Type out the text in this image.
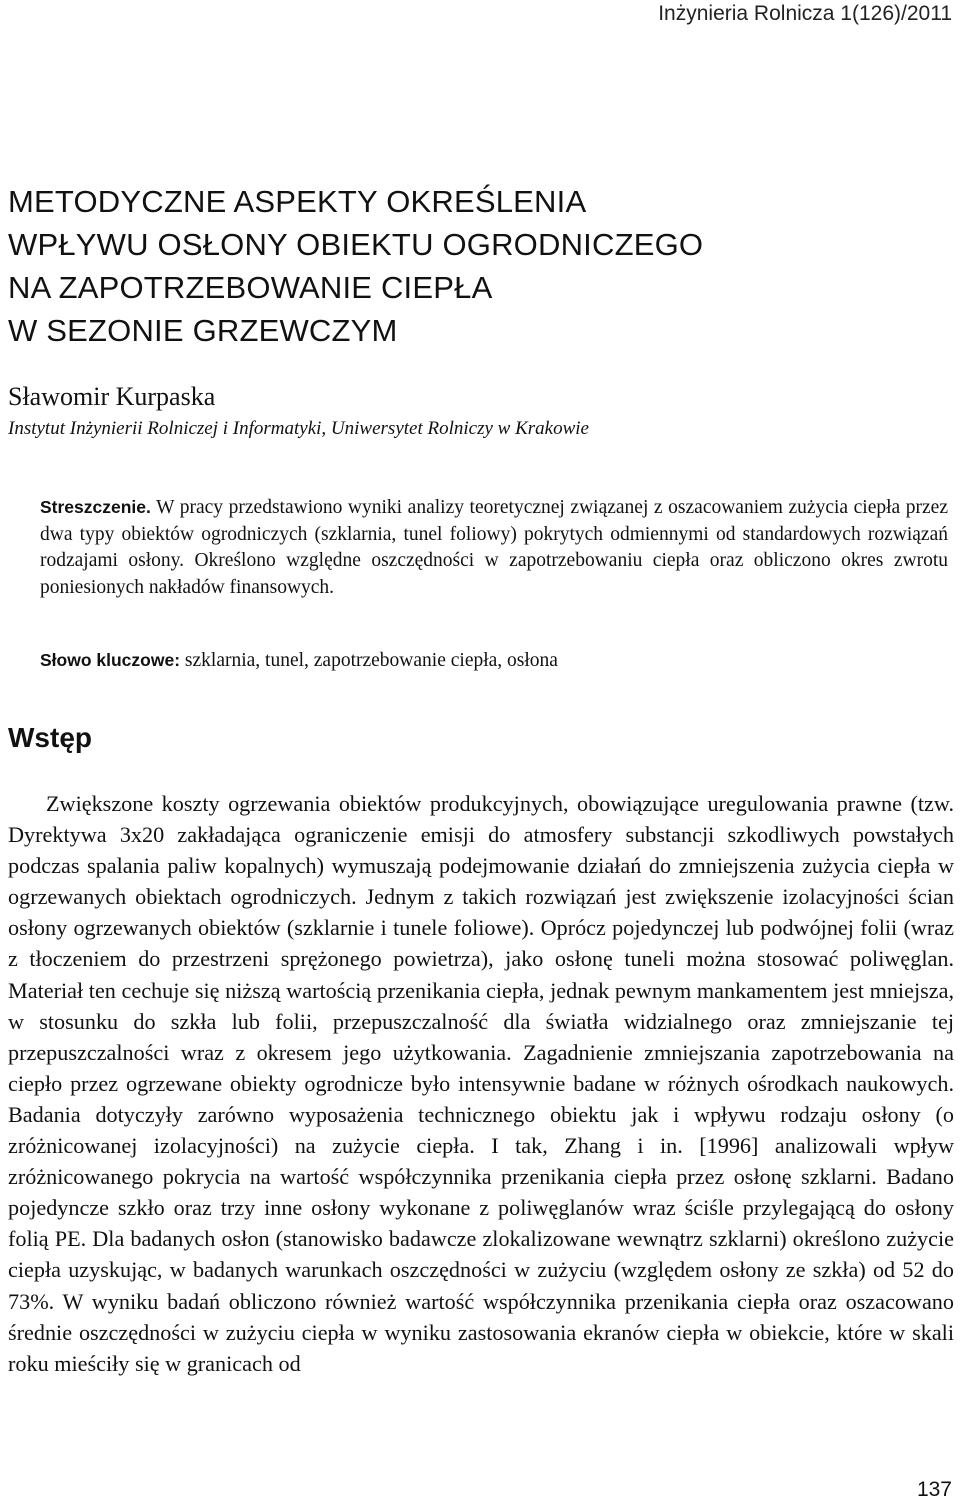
Inżynieria Rolnicza 1(126)/2011
METODYCZNE ASPEKTY OKREŚLENIA
WPŁYWU OSŁONY OBIEKTU OGRODNICZEGO
NA ZAPOTRZEBOWANIE CIEPŁA
W SEZONIE GRZEWCZYM
Sławomir Kurpaska
Instytut Inżynierii Rolniczej i Informatyki, Uniwersytet Rolniczy w Krakowie

Streszczenie. W pracy przedstawiono wyniki analizy teoretycznej związanej z oszacowaniem zużycia ciepła przez dwa typy obiektów ogrodniczych (szklarnia, tunel foliowy) pokrytych odmiennymi od standardowych rozwiązań rodzajami osłony. Określono względne oszczędności w zapotrzebowaniu ciepła oraz obliczono okres zwrotu poniesionych nakładów finansowych.

Słowo kluczowe: szklarnia, tunel, zapotrzebowanie ciepła, osłona

Wstęp

Zwiększone koszty ogrzewania obiektów produkcyjnych, obowiązujące uregulowania prawne (tzw. Dyrektywa 3x20 zakładająca ograniczenie emisji do atmosfery substancji szkodliwych powstałych podczas spalania paliw kopalnych) wymuszają podejmowanie działań do zmniejszenia zużycia ciepła w ogrzewanych obiektach ogrodniczych. Jednym z takich rozwiązań jest zwiększenie izolacyjności ścian osłony ogrzewanych obiektów (szklarnie i tunele foliowe). Oprócz pojedynczej lub podwójnej folii (wraz z tłoczeniem do przestrzeni sprężonego powietrza), jako osłonę tuneli można stosować poliwęglan. Materiał ten cechuje się niższą wartością przenikania ciepła, jednak pewnym mankamentem jest mniejsza, w stosunku do szkła lub folii, przepuszczalność dla światła widzialnego oraz zmniejszanie tej przepuszczalności wraz z okresem jego użytkowania. Zagadnienie zmniejszania zapotrzebowania na ciepło przez ogrzewane obiekty ogrodnicze było intensywnie badane w różnych ośrodkach naukowych. Badania dotyczyły zarówno wyposażenia technicznego obiektu jak i wpływu rodzaju osłony (o zróżnicowanej izolacyjności) na zużycie ciepła. I tak, Zhang i in. [1996] analizowali wpływ zróżnicowanego pokrycia na wartość współczynnika przenikania ciepła przez osłonę szklarni. Badano pojedyncze szkło oraz trzy inne osłony wykonane z poliwęglanów wraz ściśle przylegającą do osłony folią PE. Dla badanych osłon (stanowisko badawcze zlokalizowane wewnątrz szklarni) określono zużycie ciepła uzyskując, w badanych warunkach oszczędności w zużyciu (względem osłony ze szkła) od 52 do 73%. W wyniku badań obliczono również wartość współczynnika przenikania ciepła oraz oszacowano średnie oszczędności w zużyciu ciepła w wyniku zastosowania ekranów ciepła w obiekcie, które w skali roku mieściły się w granicach od

137
